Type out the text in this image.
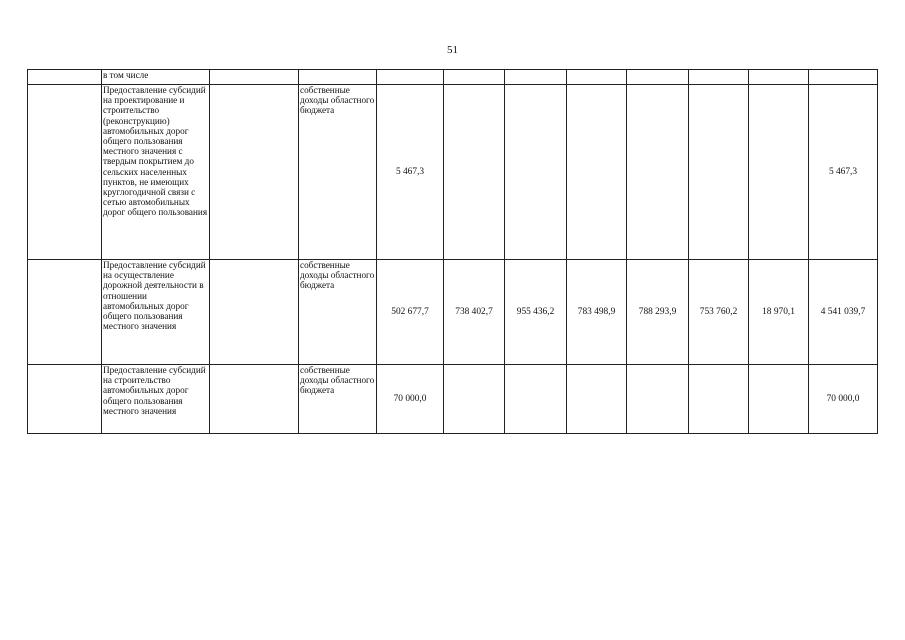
51
	в том числе										
	Предоставление субсидий на проектирование и строительство (реконструкцию) автомобильных дорог общего пользования местного значения с твердым покрытием до сельских населенных пунктов, не имеющих круглогодичной связи с сетью автомобильных дорог общего пользования		собственные доходы областного бюджета	5 467,3							5 467,3
	Предоставление субсидий на осуществление дорожной деятельности в отношении автомобильных дорог общего пользования местного значения		собственные доходы областного бюджета	502 677,7	738 402,7	955 436,2	783 498,9	788 293,9	753 760,2	18 970,1	4 541 039,7
	Предоставление субсидий на строительство автомобильных дорог общего пользования местного значения		собственные доходы областного бюджета	70 000,0							70 000,0
